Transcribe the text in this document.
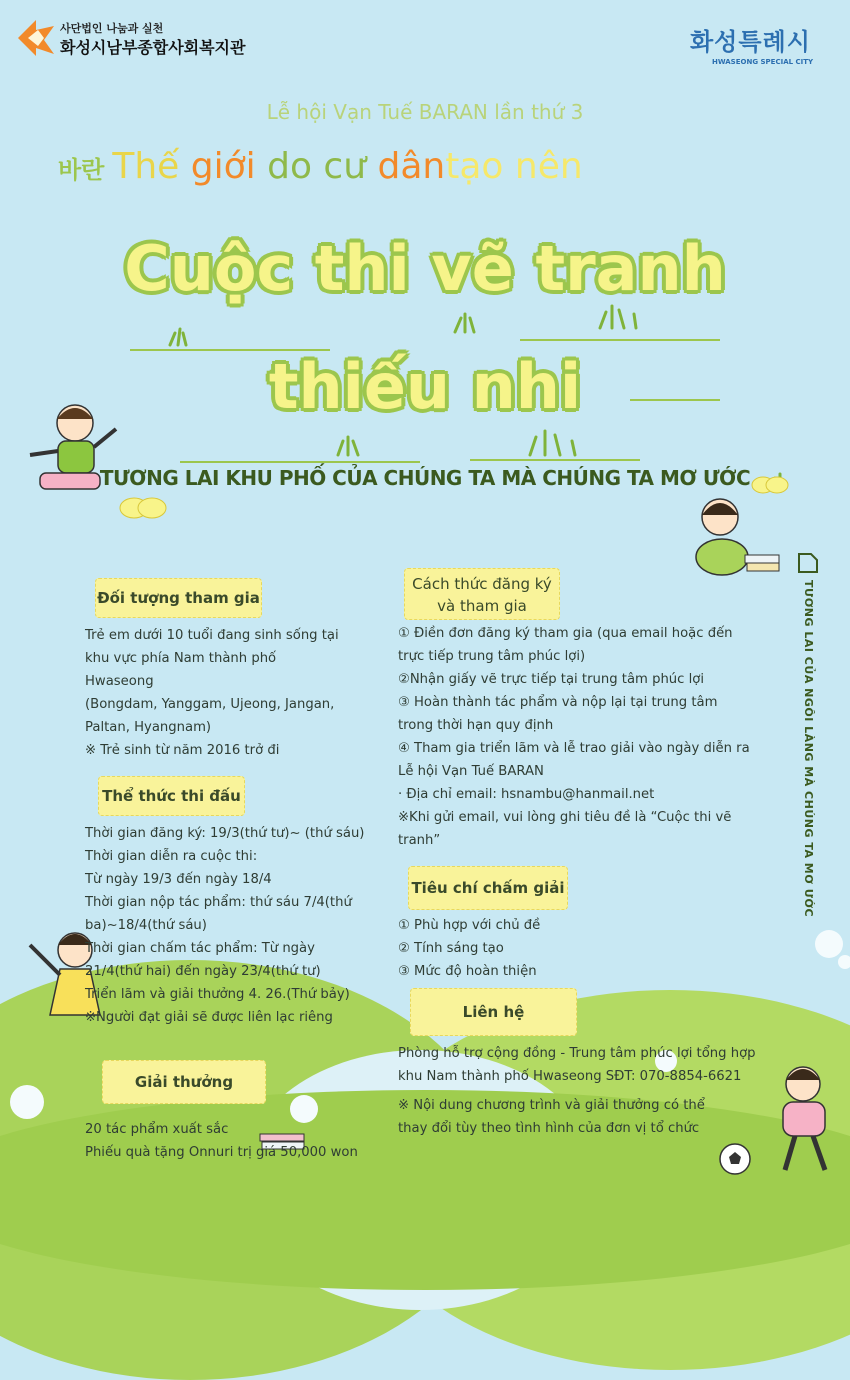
사단법인 나눔과 실천
화성시남부종합사회복지관	화성특례시
HWASEONG SPECIAL CITY
Lễ hội Vạn Tuế BARAN lần thứ 3
바란 Thế giới do cư dântạo nên
Cuộc thi vẽ tranh
thiếu nhi
TƯƠNG LAI KHU PHỐ CỦA CHÚNG TA MÀ CHÚNG TA MƠ ƯỚC
TƯƠNG LAI CỦA NGÔI LÀNG MÀ CHÚNG TA MƠ ƯỚC
Đối tượng tham gia
Trẻ em dưới 10 tuổi đang sinh sống tại
khu vực phía Nam thành phố
Hwaseong
(Bongdam, Yanggam, Ujeong, Jangan,
Paltan, Hyangnam)
※ Trẻ sinh từ năm 2016 trở đi
Thể thức thi đấu
Thời gian đăng ký: 19/3(thứ tư)~ (thứ sáu)
Thời gian diễn ra cuộc thi:
Từ ngày 19/3 đến ngày 18/4
Thời gian nộp tác phẩm: thứ sáu 7/4(thứ
ba)~18/4(thứ sáu)
Thời gian chấm tác phẩm: Từ ngày
21/4(thứ hai) đến ngày 23/4(thứ tư)
Triển lãm và giải thưởng 4. 26.(Thứ bảy)
※Người đạt giải sẽ được liên lạc riêng
Giải thưởng
20 tác phẩm xuất sắc
Phiếu quà tặng Onnuri trị giá 50,000 won
Cách thức đăng ký
và tham gia
① Điền đơn đăng ký tham gia (qua email hoặc đến
trực tiếp trung tâm phúc lợi)
②Nhận giấy vẽ trực tiếp tại trung tâm phúc lợi
③ Hoàn thành tác phẩm và nộp lại tại trung tâm
trong thời hạn quy định
④ Tham gia triển lãm và lễ trao giải vào ngày diễn ra
Lễ hội Vạn Tuế BARAN
· Địa chỉ email: hsnambu@hanmail.net
※Khi gửi email, vui lòng ghi tiêu đề là “Cuộc thi vẽ
tranh”
Tiêu chí chấm giải
① Phù hợp với chủ đề
② Tính sáng tạo
③ Mức độ hoàn thiện
Liên hệ
Phòng hỗ trợ cộng đồng - Trung tâm phúc lợi tổng hợp
khu Nam thành phố Hwaseong SĐT: 070-8854-6621
※ Nội dung chương trình và giải thưởng có thể
thay đổi tùy theo tình hình của đơn vị tổ chức
